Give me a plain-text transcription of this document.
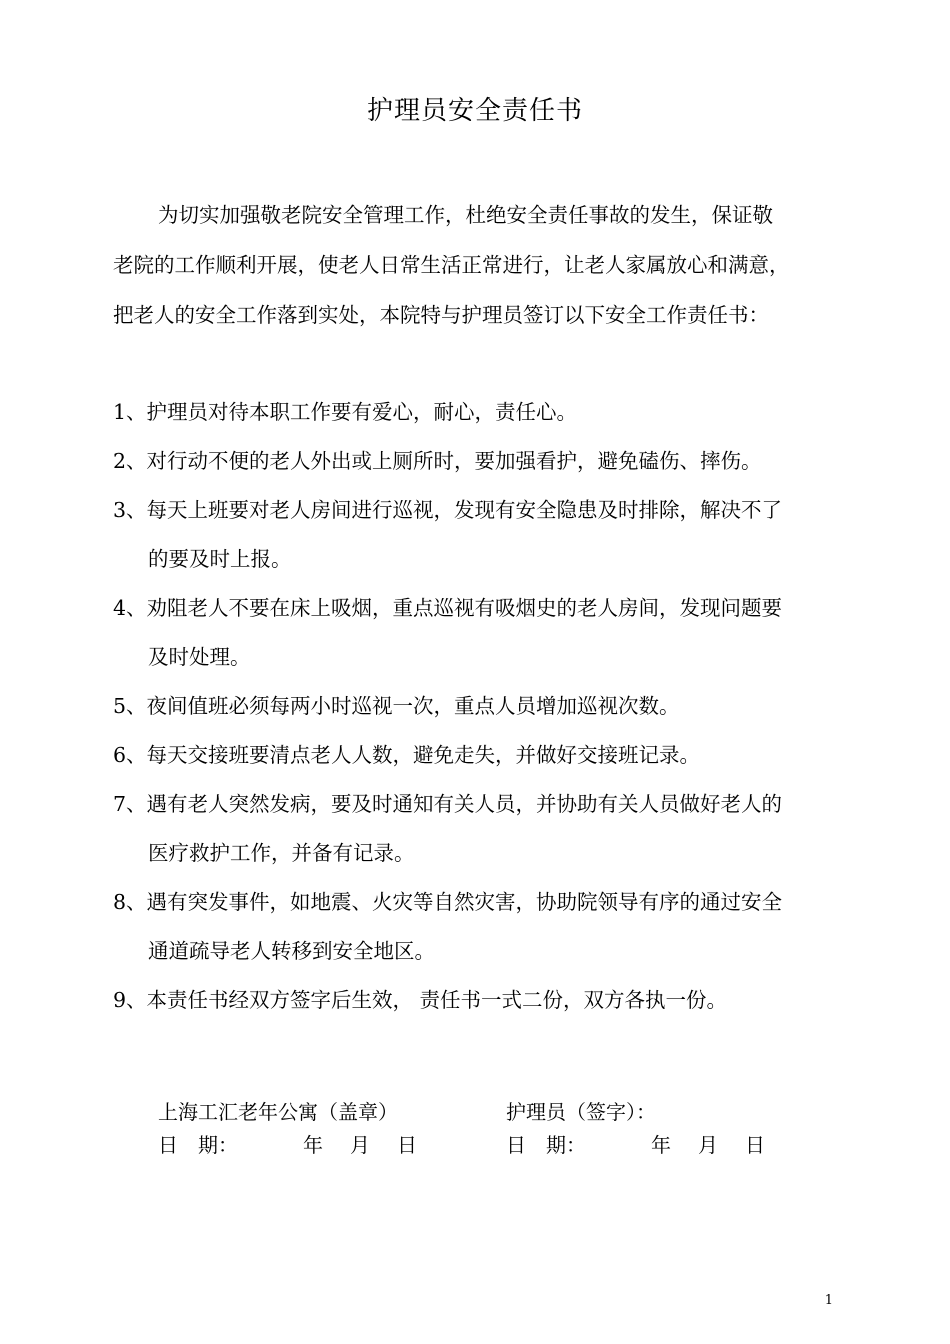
护理员安全责任书

为切实加强敬老院安全管理工作，杜绝安全责任事故的发生，保证敬

老院的工作顺利开展，使老人日常生活正常进行，让老人家属放心和满意，

把老人的安全工作落到实处，本院特与护理员签订以下安全工作责任书：

1、护理员对待本职工作要有爱心，耐心，责任心。
2、对行动不便的老人外出或上厕所时，要加强看护，避免磕伤、摔伤。
3、每天上班要对老人房间进行巡视，发现有安全隐患及时排除，解决不了
的要及时上报。
4、劝阻老人不要在床上吸烟，重点巡视有吸烟史的老人房间，发现问题要
及时处理。
5、夜间值班必须每两小时巡视一次，重点人员增加巡视次数。
6、每天交接班要清点老人人数，避免走失，并做好交接班记录。
7、遇有老人突然发病，要及时通知有关人员，并协助有关人员做好老人的
医疗救护工作，并备有记录。
8、遇有突发事件，如地震、火灾等自然灾害，协助院领导有序的通过安全
通道疏导老人转移到安全地区。
9、本责任书经双方签字后生效， 责任书一式二份，双方各执一份。
上海工汇老年公寓（盖章）
日　期：	年 月 日
护理员（签字）：
日　期：	年 月 日
1
